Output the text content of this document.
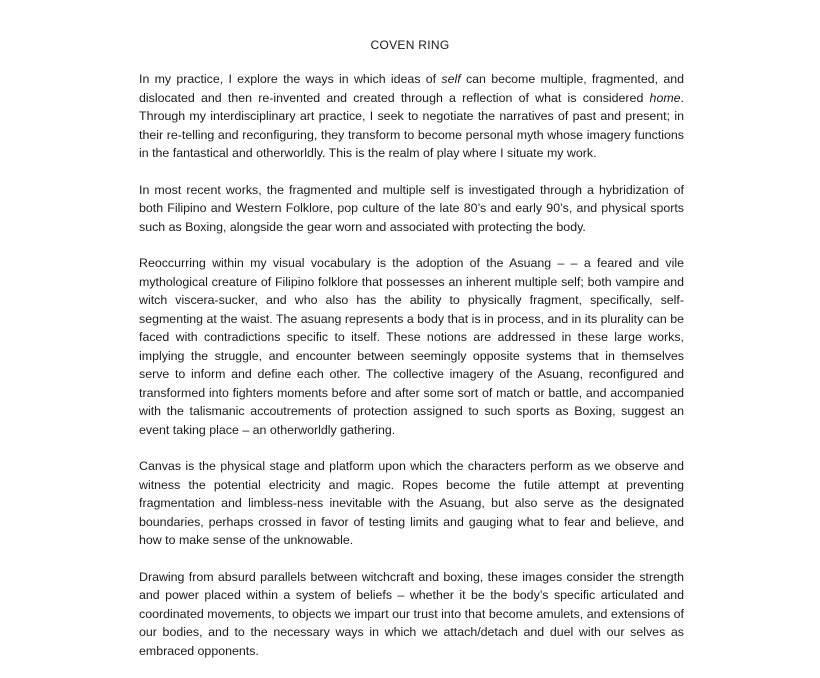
COVEN RING

In my practice, I explore the ways in which ideas of self can become multiple, fragmented, and dislocated and then re-invented and created through a reflection of what is considered home. Through my interdisciplinary art practice, I seek to negotiate the narratives of past and present; in their re-telling and reconfiguring, they transform to become personal myth whose imagery functions in the fantastical and otherworldly. This is the realm of play where I situate my work.

In most recent works, the fragmented and multiple self is investigated through a hybridization of both Filipino and Western Folklore, pop culture of the late 80’s and early 90’s, and physical sports such as Boxing, alongside the gear worn and associated with protecting the body.

Reoccurring within my visual vocabulary is the adoption of the Asuang – – a feared and vile mythological creature of Filipino folklore that possesses an inherent multiple self; both vampire and witch viscera-sucker, and who also has the ability to physically fragment, specifically, self-segmenting at the waist. The asuang represents a body that is in process, and in its plurality can be faced with contradictions specific to itself. These notions are addressed in these large works, implying the struggle, and encounter between seemingly opposite systems that in themselves serve to inform and define each other. The collective imagery of the Asuang, reconfigured and transformed into fighters moments before and after some sort of match or battle, and accompanied with the talismanic accoutrements of protection assigned to such sports as Boxing, suggest an event taking place – an otherworldly gathering.

Canvas is the physical stage and platform upon which the characters perform as we observe and witness the potential electricity and magic. Ropes become the futile attempt at preventing fragmentation and limbless-ness inevitable with the Asuang, but also serve as the designated boundaries, perhaps crossed in favor of testing limits and gauging what to fear and believe, and how to make sense of the unknowable.

Drawing from absurd parallels between witchcraft and boxing, these images consider the strength and power placed within a system of beliefs – whether it be the body’s specific articulated and coordinated movements, to objects we impart our trust into that become amulets, and extensions of our bodies, and to the necessary ways in which we attach/detach and duel with our selves as embraced opponents.
